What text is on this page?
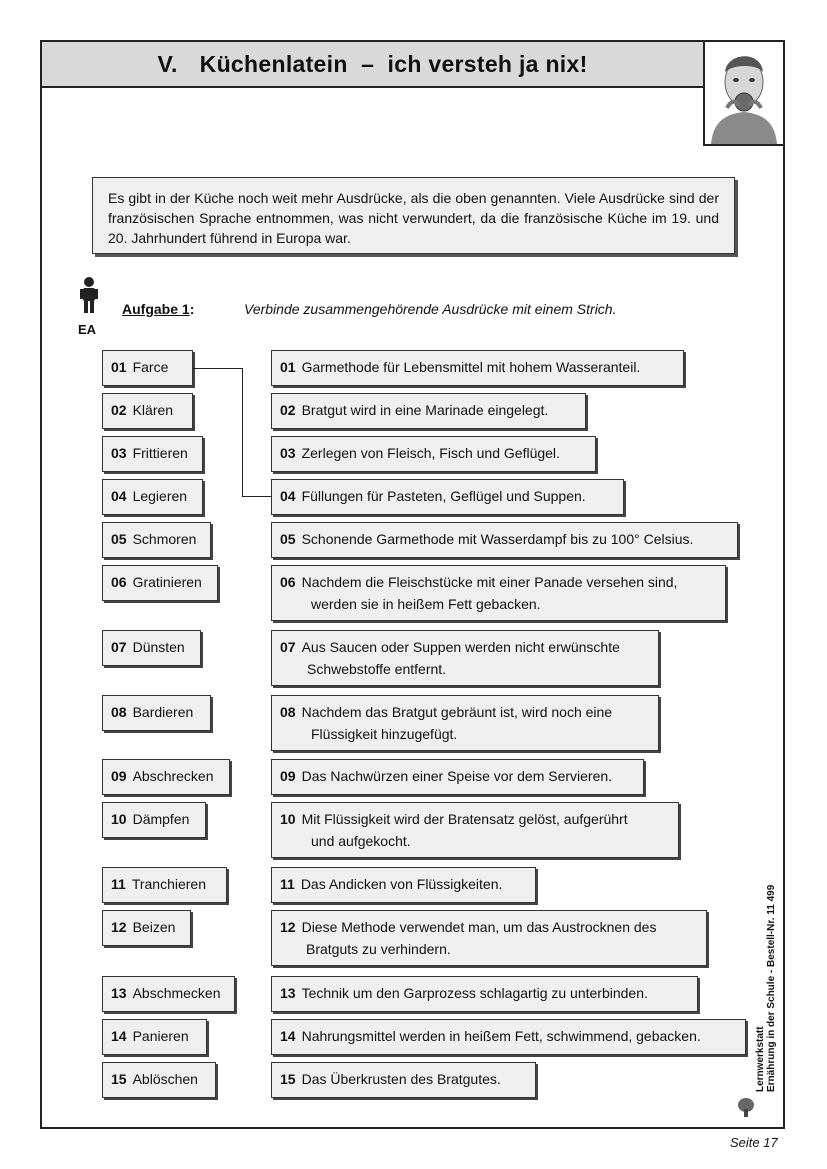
V. Küchenlatein  –  ich versteh ja nix!
Es gibt in der Küche noch weit mehr Ausdrücke, als die oben genannten. Viele Ausdrücke sind der französischen Sprache entnommen, was nicht verwundert, da die französische Küche im 19. und 20. Jahrhundert führend in Europa war.
EA
Aufgabe 1:	Verbinde zusammengehörende Ausdrücke mit einem Strich.
01 Farce
02 Klären
03 Frittieren
04 Legieren
05 Schmoren
06 Gratinieren
07 Dünsten
08 Bardieren
09 Abschrecken
10 Dämpfen
11 Tranchieren
12 Beizen
13 Abschmecken
14 Panieren
15 Ablöschen
01 Garmethode für Lebensmittel mit hohem Wasseranteil.
02 Bratgut wird in eine Marinade eingelegt.
03 Zerlegen von Fleisch, Fisch und Geflügel.
04 Füllungen für Pasteten, Geflügel und Suppen.
05 Schonende Garmethode mit Wasserdampf bis zu 100° Celsius.
06 Nachdem die Fleischstücke mit einer Panade versehen sind,
werden sie in heißem Fett gebacken.
07 Aus Saucen oder Suppen werden nicht erwünschte
Schwebstoffe entfernt.
08 Nachdem das Bratgut gebräunt ist, wird noch eine
Flüssigkeit hinzugefügt.
09 Das Nachwürzen einer Speise vor dem Servieren.
10 Mit Flüssigkeit wird der Bratensatz gelöst, aufgerührt
und aufgekocht.
11 Das Andicken von Flüssigkeiten.
12 Diese Methode verwendet man, um das Austrocknen des
Bratguts zu verhindern.
13 Technik um den Garprozess schlagartig zu unterbinden.
14 Nahrungsmittel werden in heißem Fett, schwimmend, gebacken.
15 Das Überkrusten des Bratgutes.	Lernwerkstatt Ernährung in der Schule - Bestell-Nr. 11 499
Seite 17
